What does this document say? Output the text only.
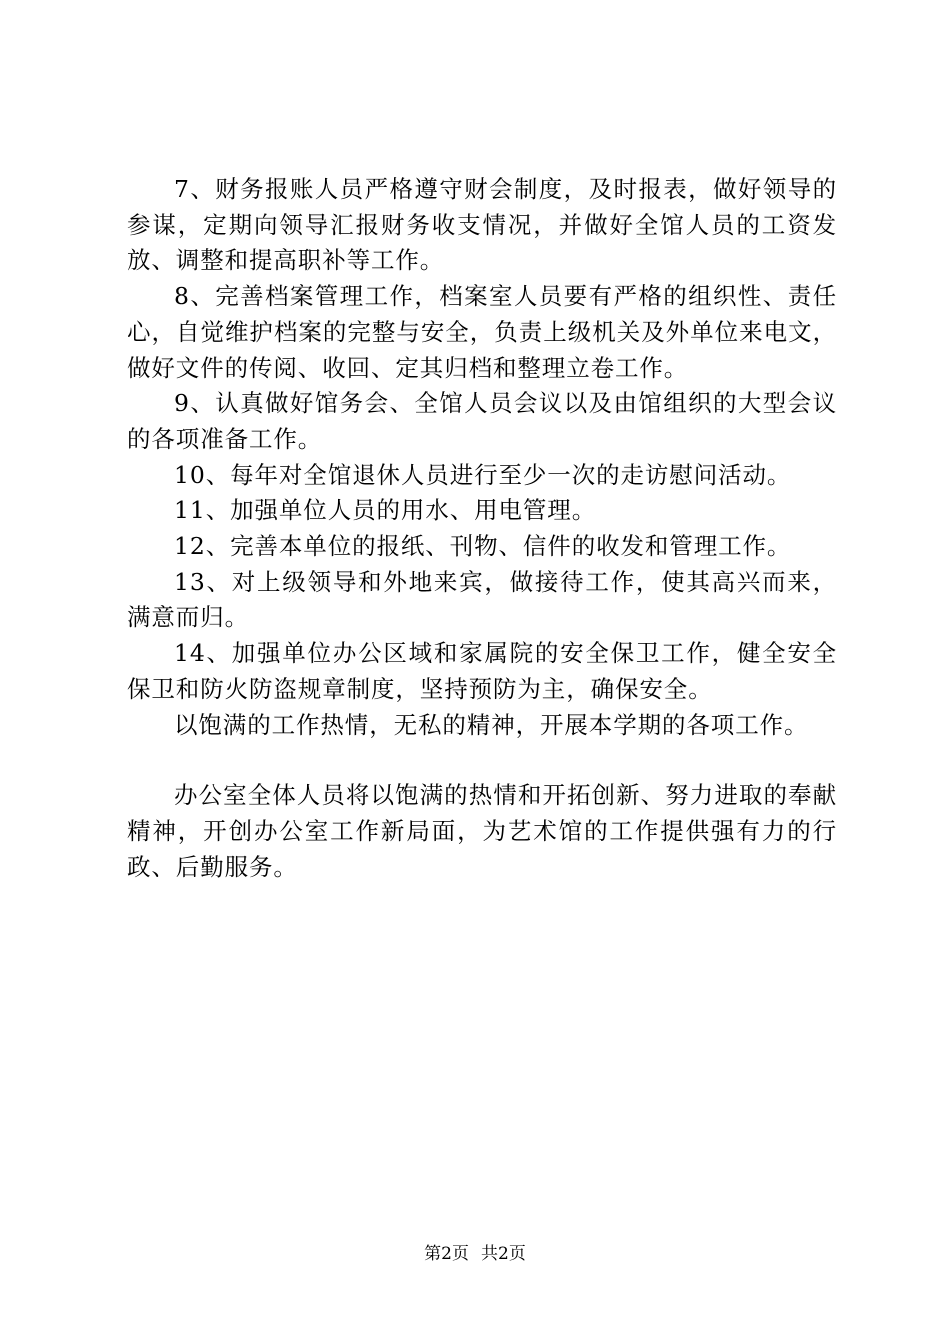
7、财务报账人员严格遵守财会制度，及时报表，做好领导的参谋，定期向领导汇报财务收支情况，并做好全馆人员的工资发放、调整和提高职补等工作。

8、完善档案管理工作，档案室人员要有严格的组织性、责任心，自觉维护档案的完整与安全，负责上级机关及外单位来电文，做好文件的传阅、收回、定其归档和整理立卷工作。

9、认真做好馆务会、全馆人员会议以及由馆组织的大型会议的各项准备工作。

10、每年对全馆退休人员进行至少一次的走访慰问活动。

11、加强单位人员的用水、用电管理。

12、完善本单位的报纸、刊物、信件的收发和管理工作。

13、对上级领导和外地来宾，做接待工作，使其高兴而来，满意而归。

14、加强单位办公区域和家属院的安全保卫工作，健全安全保卫和防火防盗规章制度，坚持预防为主，确保安全。

以饱满的工作热情，无私的精神，开展本学期的各项工作。

办公室全体人员将以饱满的热情和开拓创新、努力进取的奉献精神，开创办公室工作新局面，为艺术馆的工作提供强有力的行政、后勤服务。

第2页 共2页
